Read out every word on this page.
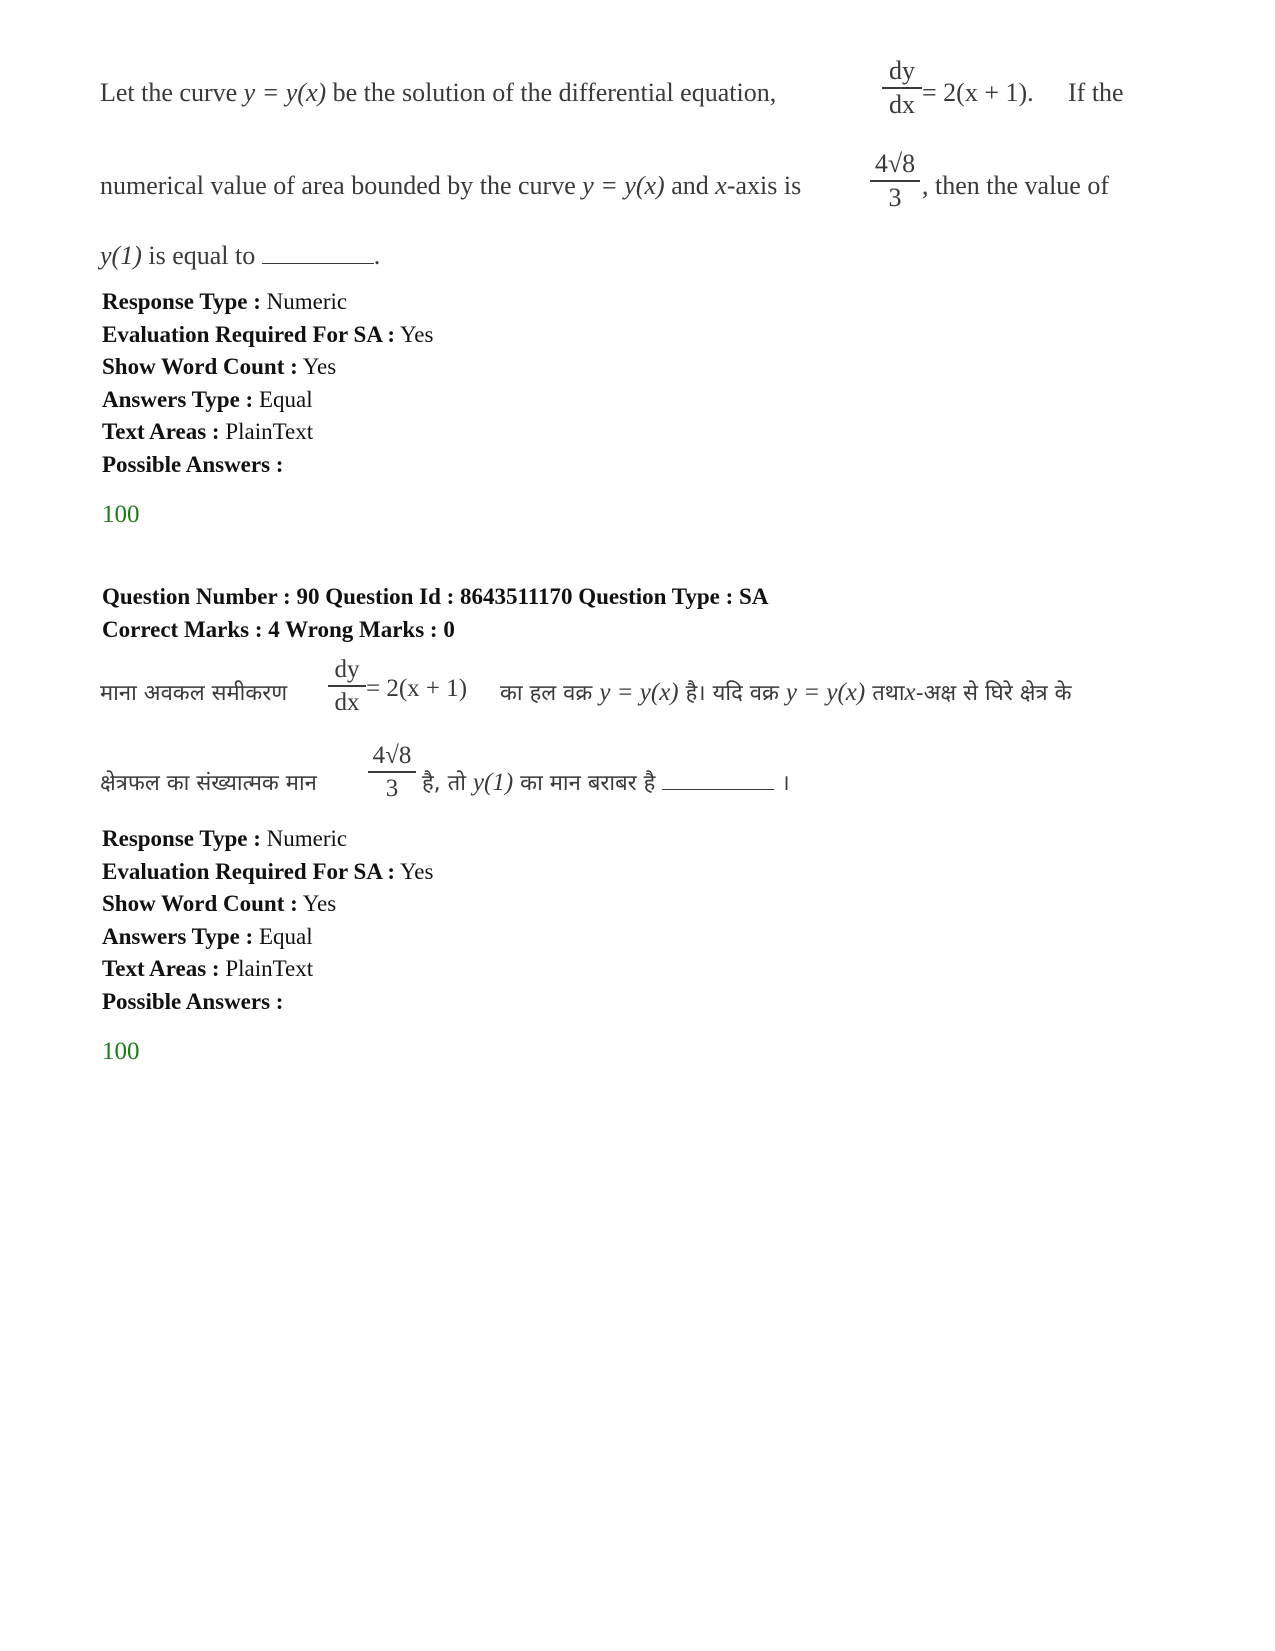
Let the curve y = y(x) be the solution of the differential equation,
dy
dx = 2(x + 1). If the
numerical value of area bounded by the curve y = y(x) and x-axis is
4√8
3 , then the value of
y(1) is equal to	.
Response Type : Numeric
Evaluation Required For SA : Yes
Show Word Count : Yes
Answers Type : Equal
Text Areas : PlainText
Possible Answers :
100
Question Number : 90 Question Id : 8643511170 Question Type : SA
Correct Marks : 4 Wrong Marks : 0
माना अवकल समीकरण
dy
dx
= 2(x + 1) का हल वक्र y = y(x) है। यदि वक्र y = y(x) तथाx-अक्ष से घिरे क्षेत्र के
क्षेत्रफल का संख्यात्मक मान
4√8
3	है, तो y(1) का मान बराबर है	।
Response Type : Numeric
Evaluation Required For SA : Yes
Show Word Count : Yes
Answers Type : Equal
Text Areas : PlainText
Possible Answers :
100
